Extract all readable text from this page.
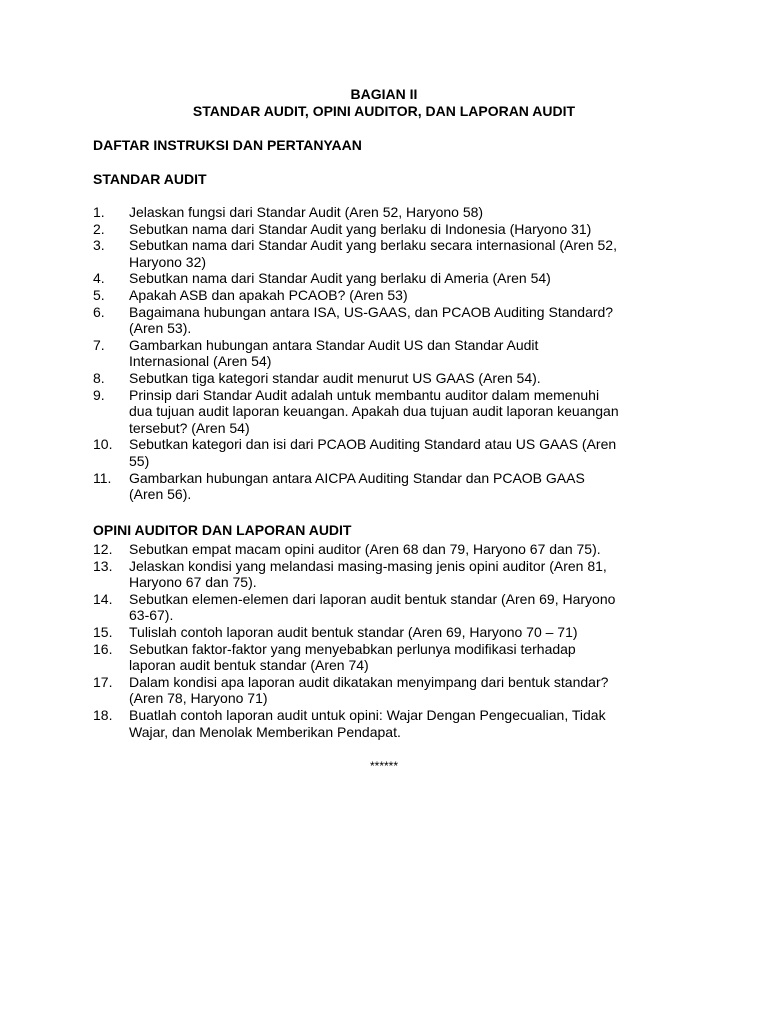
BAGIAN II
STANDAR AUDIT, OPINI AUDITOR, DAN LAPORAN AUDIT
DAFTAR INSTRUKSI DAN PERTANYAAN
STANDAR AUDIT
1.	Jelaskan fungsi dari Standar Audit (Aren 52, Haryono 58)
2.	Sebutkan nama dari Standar Audit yang berlaku di Indonesia (Haryono 31)
3.	Sebutkan nama dari Standar Audit yang berlaku secara internasional (Aren 52,
Haryono 32)
4.	Sebutkan nama dari Standar Audit yang berlaku di Ameria (Aren 54)
5.	Apakah ASB dan apakah PCAOB? (Aren 53)
6.	Bagaimana hubungan antara ISA, US-GAAS, dan PCAOB Auditing Standard?
(Aren 53).
7.	Gambarkan hubungan antara Standar Audit US dan Standar Audit
Internasional (Aren 54)
8.	Sebutkan tiga kategori standar audit menurut US GAAS (Aren 54).
9.	Prinsip dari Standar Audit adalah untuk membantu auditor dalam memenuhi
dua tujuan audit laporan keuangan. Apakah dua tujuan audit laporan keuangan
tersebut? (Aren 54)
10.	Sebutkan kategori dan isi dari PCAOB Auditing Standard atau US GAAS (Aren
55)
11.	Gambarkan hubungan antara AICPA Auditing Standar dan PCAOB GAAS
(Aren 56).
OPINI AUDITOR DAN LAPORAN AUDIT
12.	Sebutkan empat macam opini auditor (Aren 68 dan 79, Haryono 67 dan 75).
13.	Jelaskan kondisi yang melandasi masing-masing jenis opini auditor (Aren 81,
Haryono 67 dan 75).
14.	Sebutkan elemen-elemen dari laporan audit bentuk standar (Aren 69, Haryono
63-67).
15.	Tulislah contoh laporan audit bentuk standar (Aren 69, Haryono 70 – 71)
16.	Sebutkan faktor-faktor yang menyebabkan perlunya modifikasi terhadap
laporan audit bentuk standar (Aren 74)
17.	Dalam kondisi apa laporan audit dikatakan menyimpang dari bentuk standar?
(Aren 78, Haryono 71)
18.	Buatlah contoh laporan audit untuk opini: Wajar Dengan Pengecualian, Tidak
Wajar, dan Menolak Memberikan Pendapat.
******
